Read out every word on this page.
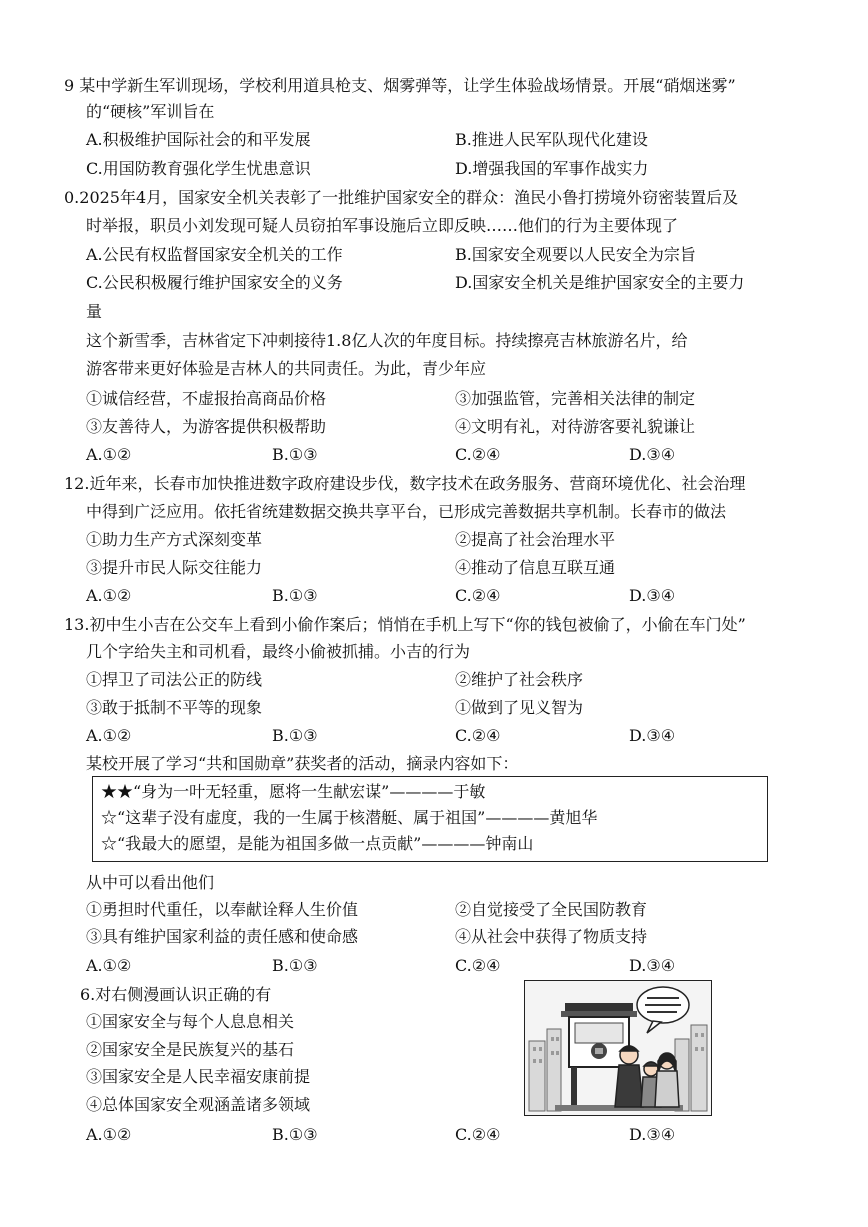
9 某中学新生军训现场，学校利用道具枪支、烟雾弹等，让学生体验战场情景。开展“硝烟迷雾”
的“硬核”军训旨在
A.积极维护国际社会的和平发展	B.推进人民军队现代化建设
C.用国防教育强化学生忧患意识	D.增强我国的军事作战实力
0.2025年4月，国家安全机关表彰了一批维护国家安全的群众：渔民小鲁打捞境外窃密装置后及
时举报，职员小刘发现可疑人员窃拍军事设施后立即反映……他们的行为主要体现了
A.公民有权监督国家安全机关的工作	B.国家安全观要以人民安全为宗旨
C.公民积极履行维护国家安全的义务	D.国家安全机关是维护国家安全的主要力
量
这个新雪季，吉林省定下冲刺接待1.8亿人次的年度目标。持续擦亮吉林旅游名片，给
游客带来更好体验是吉林人的共同责任。为此，青少年应
①诚信经营，不虚报抬高商品价格	③加强监管，完善相关法律的制定
③友善待人，为游客提供积极帮助	④文明有礼，对待游客要礼貌谦让
A.①②	B.①③	C.②④	D.③④
12.近年来，长春市加快推进数字政府建设步伐，数字技术在政务服务、营商环境优化、社会治理
中得到广泛应用。依托省统建数据交换共享平台，已形成完善数据共享机制。长春市的做法
①助力生产方式深刻变革	②提高了社会治理水平
③提升市民人际交往能力	④推动了信息互联互通
A.①②	B.①③	C.②④	D.③④
13.初中生小吉在公交车上看到小偷作案后；悄悄在手机上写下“你的钱包被偷了，小偷在车门处”
几个字给失主和司机看，最终小偷被抓捕。小吉的行为
①捍卫了司法公正的防线	②维护了社会秩序
③敢于抵制不平等的现象	①做到了见义智为
A.①②	B.①③	C.②④	D.③④
某校开展了学习“共和国勋章”获奖者的活动，摘录内容如下：
★★“身为一叶无轻重，愿将一生献宏谋”————于敏
☆“这辈子没有虚度，我的一生属于核潜艇、属于祖国”————黄旭华
☆“我最大的愿望，是能为祖国多做一点贡献”————钟南山
从中可以看出他们
①勇担时代重任，以奉献诠释人生价值	②自觉接受了全民国防教育
③具有维护国家利益的责任感和使命感	④从社会中获得了物质支持
A.①②	B.①③	C.②④	D.③④
6.对右侧漫画认识正确的有
①国家安全与每个人息息相关
②国家安全是民族复兴的基石
③国家安全是人民幸福安康前提
④总体国家安全观涵盖诸多领域
A.①②	B.①③	C.②④	D.③④
